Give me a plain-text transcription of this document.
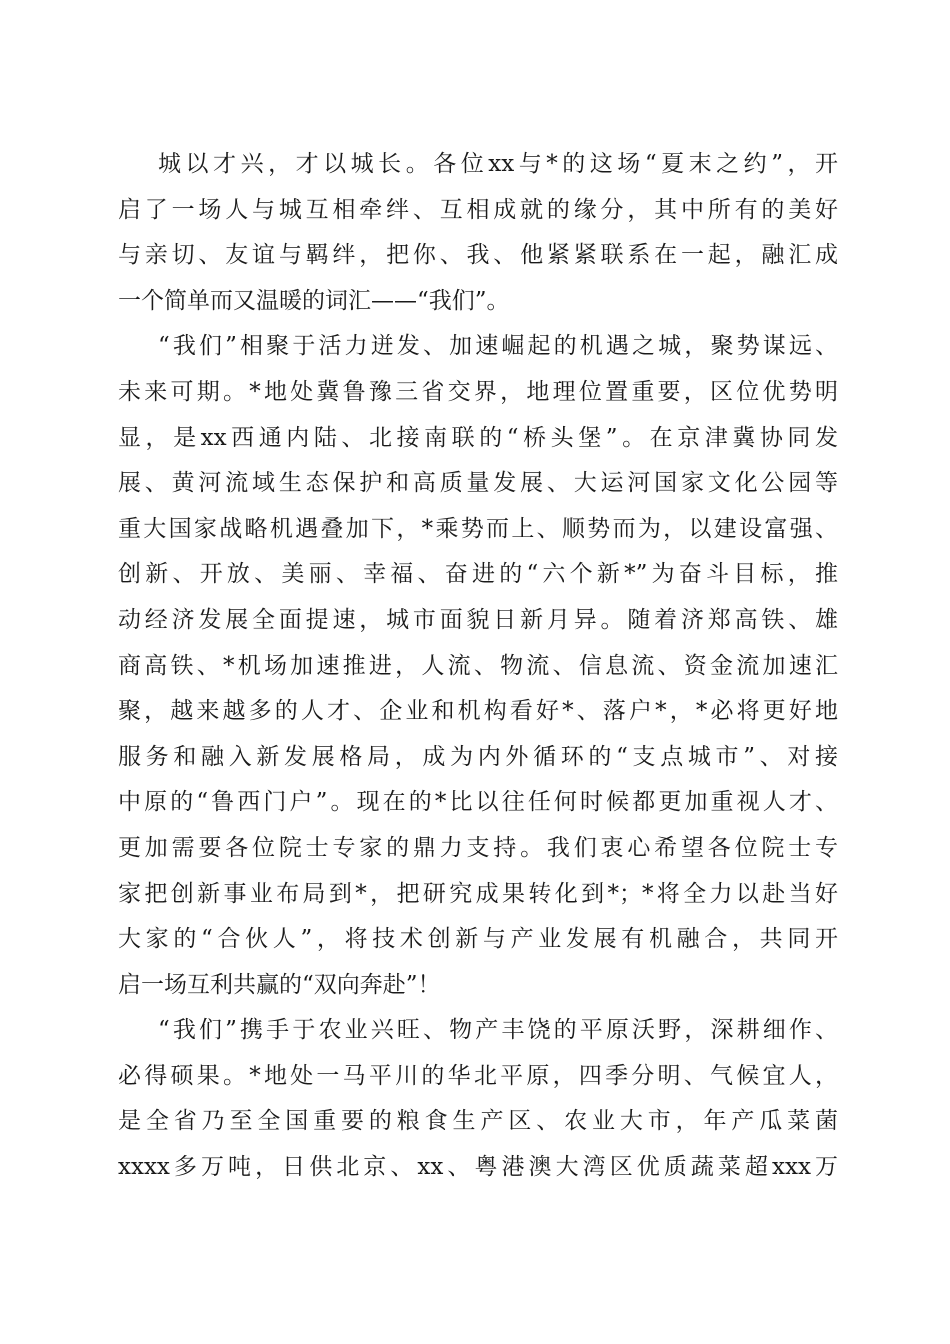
城以才兴，才以城长。各位xx与*的这场“夏末之约”，开
启了一场人与城互相牵绊、互相成就的缘分，其中所有的美好
与亲切、友谊与羁绊，把你、我、他紧紧联系在一起，融汇成
一个简单而又温暖的词汇——“我们”。
“我们”相聚于活力迸发、加速崛起的机遇之城，聚势谋远、
未来可期。*地处冀鲁豫三省交界，地理位置重要，区位优势明
显，是xx西通内陆、北接南联的“桥头堡”。在京津冀协同发
展、黄河流域生态保护和高质量发展、大运河国家文化公园等
重大国家战略机遇叠加下，*乘势而上、顺势而为，以建设富强、
创新、开放、美丽、幸福、奋进的“六个新*”为奋斗目标，推
动经济发展全面提速，城市面貌日新月异。随着济郑高铁、雄
商高铁、*机场加速推进，人流、物流、信息流、资金流加速汇
聚，越来越多的人才、企业和机构看好*、落户*，*必将更好地
服务和融入新发展格局，成为内外循环的“支点城市”、对接
中原的“鲁西门户”。现在的*比以往任何时候都更加重视人才、
更加需要各位院士专家的鼎力支持。我们衷心希望各位院士专
家把创新事业布局到*，把研究成果转化到*；*将全力以赴当好
大家的“合伙人”，将技术创新与产业发展有机融合，共同开
启一场互利共赢的“双向奔赴”！
“我们”携手于农业兴旺、物产丰饶的平原沃野，深耕细作、
必得硕果。*地处一马平川的华北平原，四季分明、气候宜人，
是全省乃至全国重要的粮食生产区、农业大市，年产瓜菜菌
xxxx多万吨，日供北京、xx、粤港澳大湾区优质蔬菜超xxx万
